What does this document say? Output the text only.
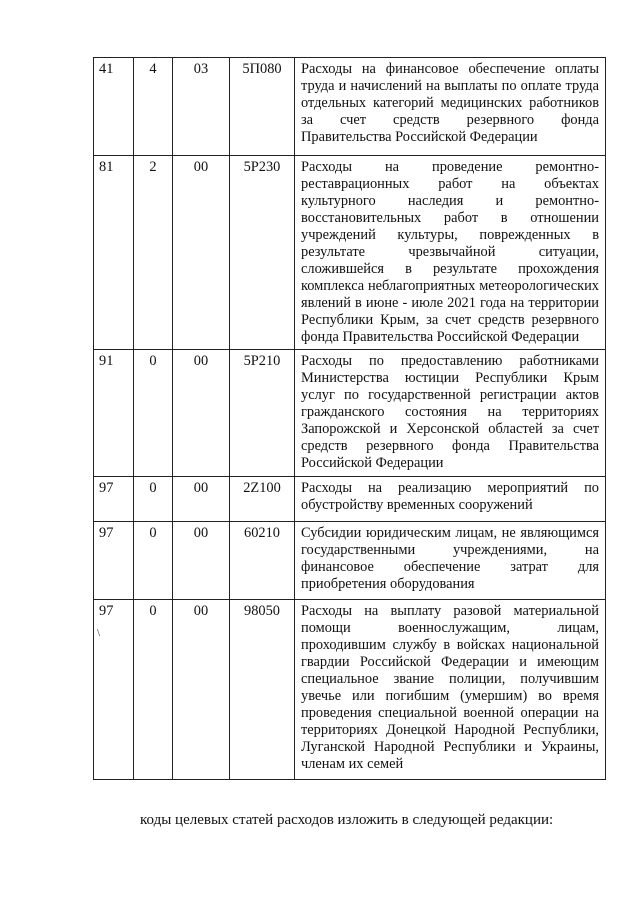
41	4	03	5П080	Расходы на финансовое обеспечение оплаты труда и начислений на выплаты по оплате труда отдельных категорий медицинских работников за счет средств резервного фонда Правительства Российской Федерации
81	2	00	5Р230	Расходы на проведение ремонтно-реставрационных работ на объектах культурного наследия и ремонтно-восстановительных работ в отношении учреждений культуры, поврежденных в результате чрезвычайной ситуации, сложившейся в результате прохождения комплекса неблагоприятных метеорологических явлений в июне - июле 2021 года на территории Республики Крым, за счет средств резервного фонда Правительства Российской Федерации
91	0	00	5Р210	Расходы по предоставлению работниками Министерства юстиции Республики Крым услуг по государственной регистрации актов гражданского состояния на территориях Запорожской и Херсонской областей за счет средств резервного фонда Правительства Российской Федерации
97	0	00	2Z100	Расходы на реализацию мероприятий по обустройству временных сооружений
97	0	00	60210	Субсидии юридическим лицам, не являющимся государственными учреждениями, на финансовое обеспечение затрат для приобретения оборудования
97	0	00	98050	Расходы на выплату разовой материальной помощи военнослужащим, лицам, проходившим службу в войсках национальной гвардии Российской Федерации и имеющим специальное звание полиции, получившим увечье или погибшим (умершим) во время проведения специальной военной операции на территориях Донецкой Народной Республики, Луганской Народной Республики и Украины, членам их семей
\

коды целевых статей расходов изложить в следующей редакции:
